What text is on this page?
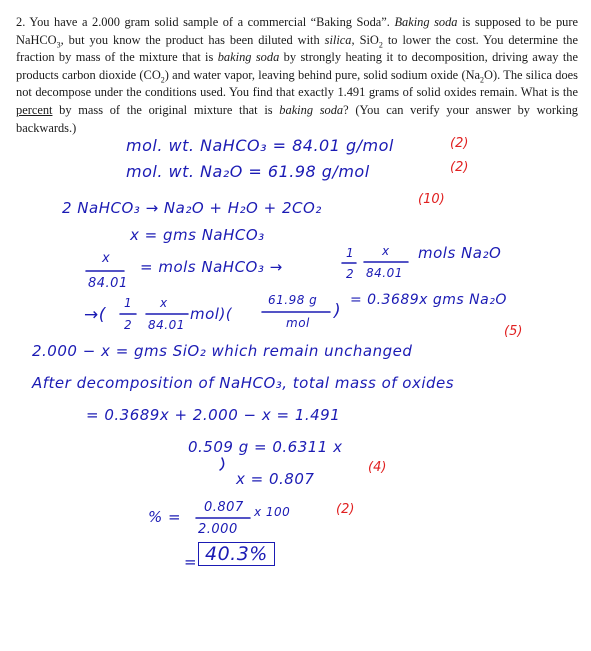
2. You have a 2.000 gram solid sample of a commercial “Baking Soda”. Baking soda is supposed to be pure NaHCO$_3$, but you know the product has been diluted with silica, SiO$_2$ to lower the cost. You determine the fraction by mass of the mixture that is baking soda by strongly heating it to decomposition, driving away the products carbon dioxide $(CO_2)$ and water vapor, leaving behind pure, solid sodium oxide $(Na_2O)$. The silica does not decompose under the conditions used. You find that exactly 1.491 grams of solid oxides remain. What is the percent by mass of the original mixture that is baking soda? (You can verify your answer by working backwards.)
mol. wt. NaHCO₃ = 84.01 g/mol
mol. wt. Na₂O = 61.98 g/mol
2 NaHCO₃ → Na₂O + H₂O + 2CO₂
x = gms NaHCO₃
x
84.01
= mols NaHCO₃ →
1
2
x
84.01
mols Na₂O
→(
1
2
x
84.01
mol)(
61.98 g
mol
)
= 0.3689x gms Na₂O
2.000 − x = gms SiO₂ which remain unchanged
After decomposition of NaHCO₃, total mass of oxides
= 0.3689x + 2.000 − x = 1.491
0.509 g = 0.6311 x
x = 0.807
% =
0.807
2.000
x 100
= 40.3%
(2)
(2)
(10)
(5)
(4)
(2)
